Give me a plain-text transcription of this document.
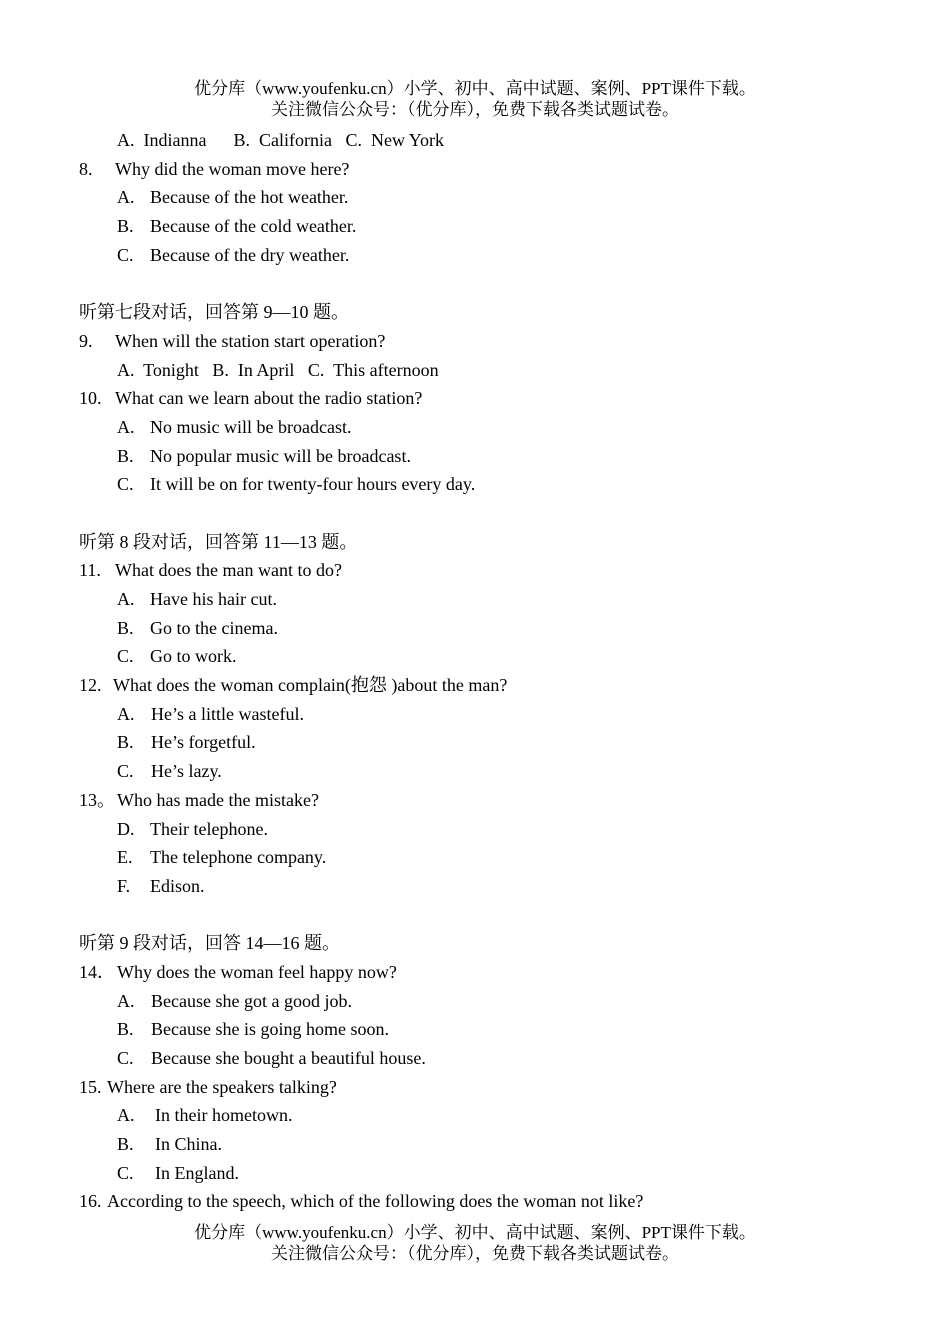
优分库（www.youfenku.cn）小学、初中、高中试题、案例、PPT课件下载。
关注微信公众号：（优分库），免费下载各类试题试卷。
A.  Indianna      B.  California   C.  New York
8. Why did the woman move here?
A. Because of the hot weather.
B. Because of the cold weather.
C. Because of the dry weather.
听第七段对话，回答第 9—10 题。
9. When will the station start operation?
A.  Tonight   B.  In April   C.  This afternoon
10. What can we learn about the radio station?
A. No music will be broadcast.
B. No popular music will be broadcast.
C. It will be on for twenty-four hours every day.
听第 8 段对话，回答第 11—13 题。
11. What does the man want to do?
A. Have his hair cut.
B. Go to the cinema.
C. Go to work.
12. What does the woman complain(抱怨 )about the man?
A. He’s a little wasteful.
B. He’s forgetful.
C. He’s lazy.
13。 Who has made the mistake?
D. Their telephone.
E. The telephone company.
F. Edison.
听第 9 段对话，回答 14—16 题。
14． Why does the woman feel happy now?
A. Because she got a good job.
B. Because she is going home soon.
C. Because she bought a beautiful house.
15. Where are the speakers talking?
A. In their hometown.
B. In China.
C. In England.
16. According to the speech, which of the following does the woman not like?
优分库（www.youfenku.cn）小学、初中、高中试题、案例、PPT课件下载。
关注微信公众号：（优分库），免费下载各类试题试卷。
